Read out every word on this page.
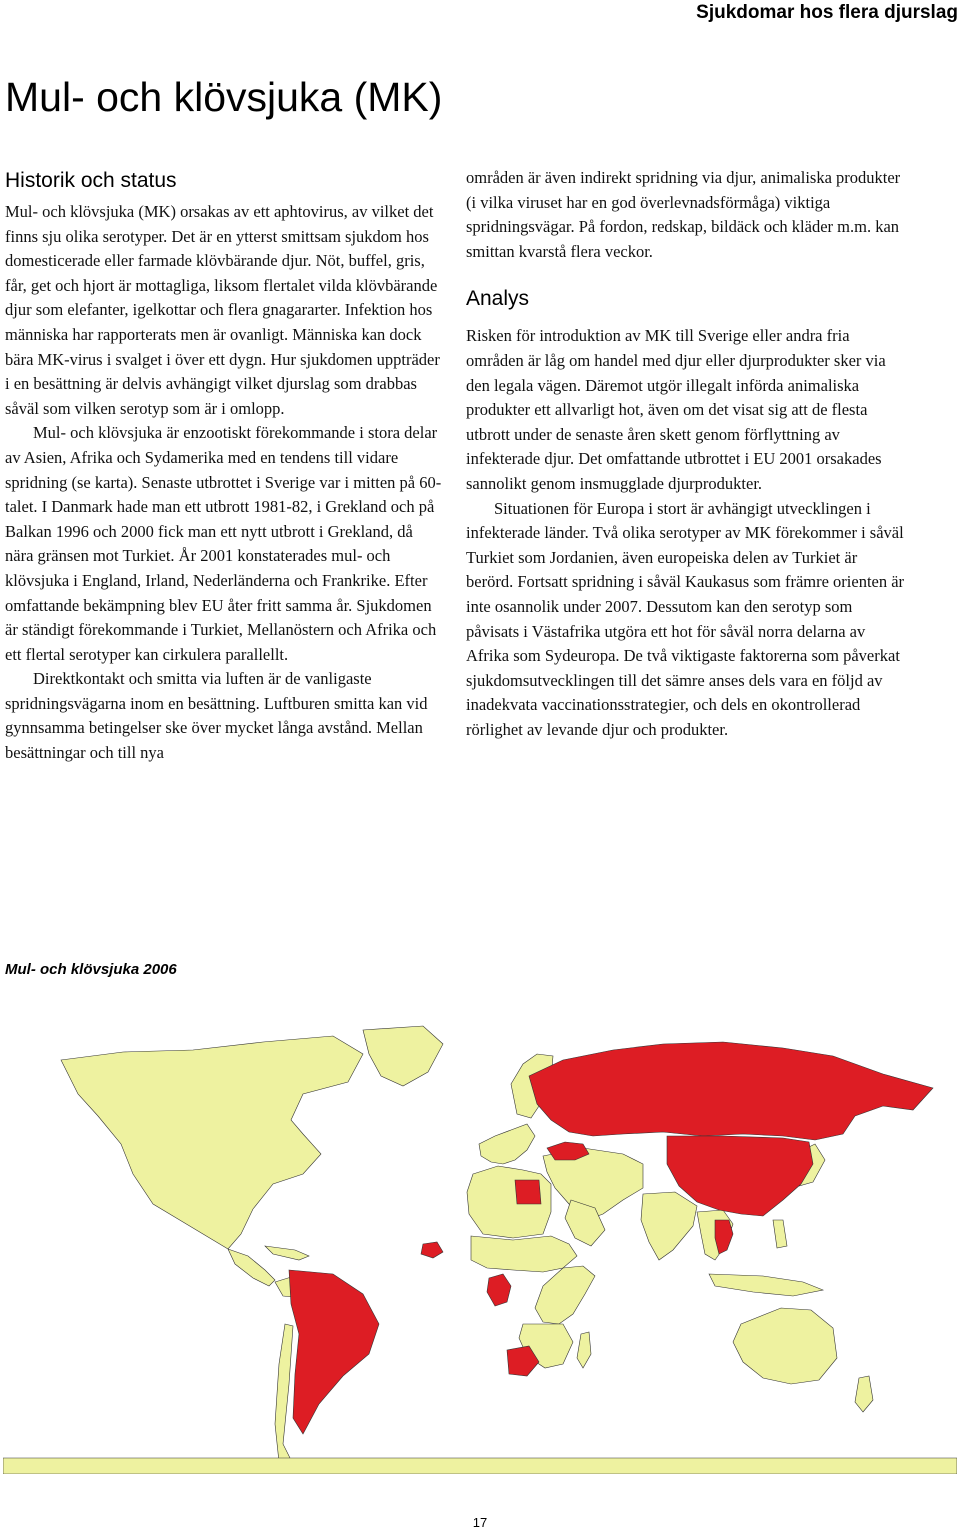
Sjukdomar hos flera djurslag
Mul- och klövsjuka (MK)
Historik och status

Mul- och klövsjuka (MK) orsakas av ett aphtovirus, av vilket det finns sju olika serotyper. Det är en ytterst smittsam sjukdom hos domesticerade eller farmade klövbärande djur. Nöt, buffel, gris, får, get och hjort är mottagliga, liksom flertalet vilda klövbärande djur som elefanter, igelkottar och flera gnagararter. Infektion hos människa har rapporterats men är ovanligt. Människa kan dock bära MK-virus i svalget i över ett dygn. Hur sjukdomen uppträder i en besättning är delvis avhängigt vilket djurslag som drabbas såväl som vilken serotyp som är i omlopp.

Mul- och klövsjuka är enzootiskt förekommande i stora delar av Asien, Afrika och Sydamerika med en tendens till vidare spridning (se karta). Senaste utbrottet i Sverige var i mitten på 60-talet. I Danmark hade man ett utbrott 1981-82, i Grekland och på Balkan 1996 och 2000 fick man ett nytt utbrott i Grekland, då nära gränsen mot Turkiet. År 2001 konstaterades mul- och klövsjuka i England, Irland, Nederländerna och Frankrike. Efter omfattande bekämpning blev EU åter fritt samma år. Sjukdomen är ständigt förekommande i Turkiet, Mellanöstern och Afrika och ett flertal serotyper kan cirkulera parallellt.

Direktkontakt och smitta via luften är de vanligaste spridningsvägarna inom en besättning. Luftburen smitta kan vid gynnsamma betingelser ske över mycket långa avstånd. Mellan besättningar och till nya

områden är även indirekt spridning via djur, animaliska produkter (i vilka viruset har en god överlevnadsförmåga) viktiga spridningsvägar. På fordon, redskap, bildäck och kläder m.m. kan smittan kvarstå flera veckor.

Analys

Risken för introduktion av MK till Sverige eller andra fria områden är låg om handel med djur eller djurprodukter sker via den legala vägen. Däremot utgör illegalt införda animaliska produkter ett allvarligt hot, även om det visat sig att de flesta utbrott under de senaste åren skett genom förflyttning av infekterade djur. Det omfattande utbrottet i EU 2001 orsakades sannolikt genom insmugglade djurprodukter.

Situationen för Europa i stort är avhängigt utvecklingen i infekterade länder. Två olika serotyper av MK förekommer i såväl Turkiet som Jordanien, även europeiska delen av Turkiet är berörd. Fortsatt spridning i såväl Kaukasus som främre orienten är inte osannolik under 2007. Dessutom kan den serotyp som påvisats i Västafrika utgöra ett hot för såväl norra delarna av Afrika som Sydeuropa. De två viktigaste faktorerna som påverkat sjukdomsutvecklingen till det sämre anses dels vara en följd av inadekvata vaccinationsstrategier, och dels en okontrollerad rörlighet av levande djur och produkter.

Mul- och klövsjuka 2006
17
